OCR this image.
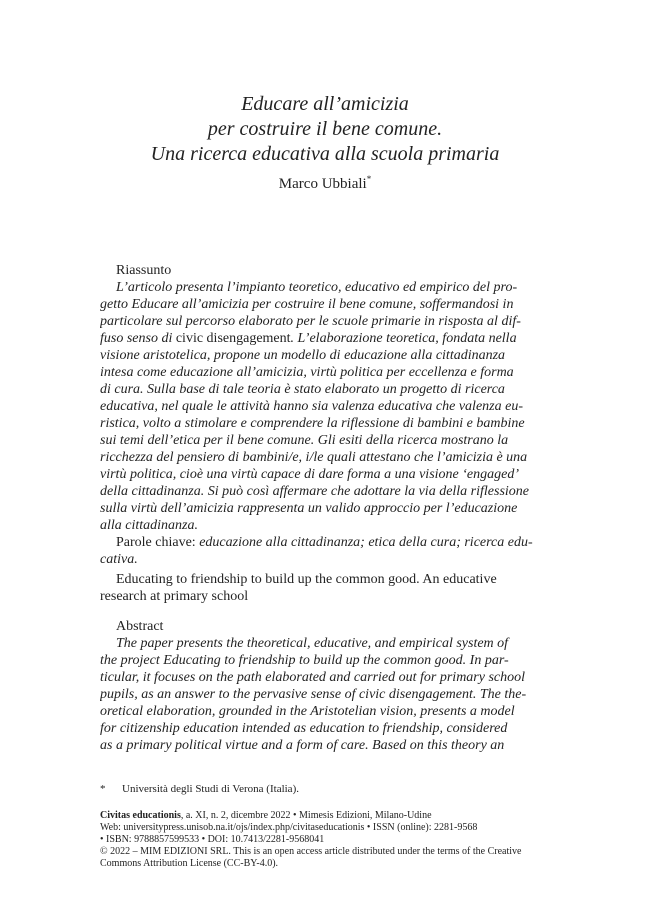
Educare all’amicizia
per costruire il bene comune.
Una ricerca educativa alla scuola primaria
Marco Ubbiali*
Riassunto
L’articolo presenta l’impianto teoretico, educativo ed empirico del pro-
getto Educare all’amicizia per costruire il bene comune, soffermandosi in
particolare sul percorso elaborato per le scuole primarie in risposta al dif-
fuso senso di civic disengagement. L’elaborazione teoretica, fondata nella
visione aristotelica, propone un modello di educazione alla cittadinanza
intesa come educazione all’amicizia, virtù politica per eccellenza e forma
di cura. Sulla base di tale teoria è stato elaborato un progetto di ricerca
educativa, nel quale le attività hanno sia valenza educativa che valenza eu-
ristica, volto a stimolare e comprendere la riflessione di bambini e bambine
sui temi dell’etica per il bene comune. Gli esiti della ricerca mostrano la
ricchezza del pensiero di bambini/e, i/le quali attestano che l’amicizia è una
virtù politica, cioè una virtù capace di dare forma a una visione ‘engaged’
della cittadinanza. Si può così affermare che adottare la via della riflessione
sulla virtù dell’amicizia rappresenta un valido approccio per l’educazione
alla cittadinanza.
Parole chiave: educazione alla cittadinanza; etica della cura; ricerca edu-
cativa.
Educating to friendship to build up the common good. An educative
research at primary school
Abstract
The paper presents the theoretical, educative, and empirical system of
the project Educating to friendship to build up the common good. In par-
ticular, it focuses on the path elaborated and carried out for primary school
pupils, as an answer to the pervasive sense of civic disengagement. The the-
oretical elaboration, grounded in the Aristotelian vision, presents a model
for citizenship education intended as education to friendship, considered
as a primary political virtue and a form of care. Based on this theory an
* Università degli Studi di Verona (Italia).
Civitas educationis, a. XI, n. 2, dicembre 2022 • Mimesis Edizioni, Milano-Udine
Web: universitypress.unisob.na.it/ojs/index.php/civitaseducationis • ISSN (online): 2281-9568
• ISBN: 9788857599533 • DOI: 10.7413/2281-9568041
© 2022 – MIM EDIZIONI SRL. This is an open access article distributed under the terms of the Creative
Commons Attribution License (CC-BY-4.0).
